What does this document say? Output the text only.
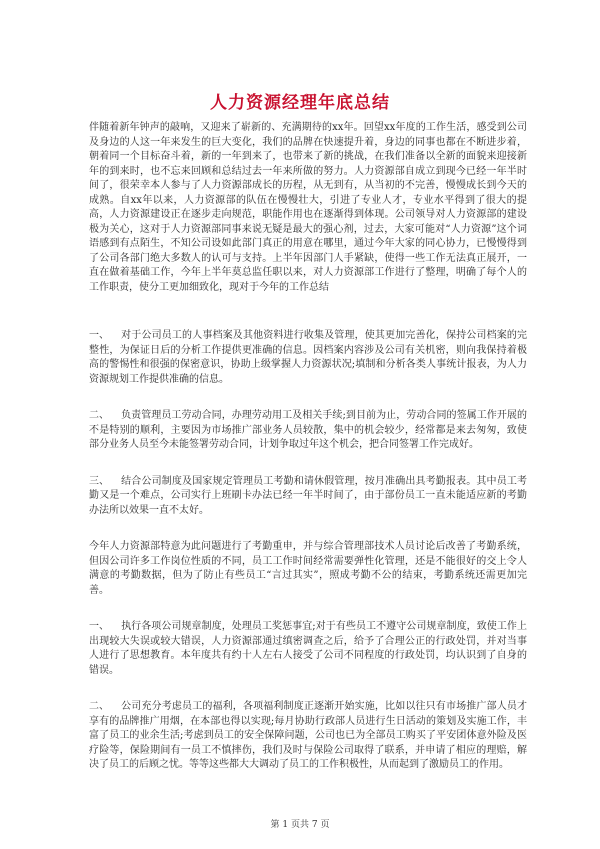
人力资源经理年底总结

伴随着新年钟声的敲响，又迎来了崭新的、充满期待的xx年。回望xx年度的工作生活，感受到公司及身边的人这一年来发生的巨大变化，我们的品牌在快速提升着，身边的同事也都在不断进步着，朝着同一个目标奋斗着，新的一年到来了，也带来了新的挑战，在我们准备以全新的面貌来迎接新年的到来时，也不忘来回顾和总结过去一年来所做的努力。人力资源部自成立到现今已经一年半时间了，很荣幸本人参与了人力资源部成长的历程，从无到有，从当初的不完善，慢慢成长到今天的成熟。自xx年以来，人力资源部的队伍在慢慢壮大，引进了专业人才，专业水平得到了很大的提高，人力资源建设正在逐步走向规范，职能作用也在逐渐得到体现。公司领导对人力资源部的建设极为关心，这对于人力资源部同事来说无疑是最大的强心剂，过去，大家可能对“人力资源”这个词语感到有点陌生，不知公司设如此部门真正的用意在哪里，通过今年大家的同心协力，已慢慢得到了公司各部门绝大多数人的认可与支持。上半年因部门人手紧缺，使得一些工作无法真正展开，一直在做着基础工作，今年上半年莫总监任职以来，对人力资源部工作进行了整理，明确了每个人的工作职责，使分工更加细致化，现对于今年的工作总结

一、 对于公司员工的人事档案及其他资料进行收集及管理，使其更加完善化，保持公司档案的完整性，为保证日后的分析工作提供更准确的信息。因档案内容涉及公司有关机密，则向我保持着极高的警惕性和很强的保密意识，协助上级掌握人力资源状况;填制和分析各类人事统计报表，为人力资源规划工作提供准确的信息。

二、 负责管理员工劳动合同，办理劳动用工及相关手续;到目前为止，劳动合同的签属工作开展的不是特别的顺利，主要因为市场推广部业务人员较散，集中的机会较少，经常都是来去匆匆，致使部分业务人员至今未能签署劳动合同，计划争取过年这个机会，把合同签署工作完成好。

三、 结合公司制度及国家规定管理员工考勤和请休假管理，按月准确出具考勤报表。其中员工考勤又是一个难点，公司实行上班刷卡办法已经一年半时间了，由于部份员工一直未能适应新的考勤办法所以效果一直不太好。

今年人力资源部特意为此问题进行了考勤重申，并与综合管理部技术人员讨论后改善了考勤系统，但因公司许多工作岗位性质的不同，员工工作时间经常需要弹性化管理，还是不能很好的交上令人满意的考勤数据，但为了防止有些员工“言过其实”，照成考勤不公的结束，考勤系统还需更加完善。

一、 执行各项公司规章制度，处理员工奖惩事宜;对于有些员工不遵守公司规章制度，致使工作上出现较大失误或较大错误，人力资源部通过缜密调查之后，给予了合理公正的行政处罚，并对当事人进行了思想教育。本年度共有约十人左右人接受了公司不同程度的行政处罚，均认识到了自身的错误。

二、 公司充分考虑员工的福利，各项福利制度正逐渐开始实施，比如以往只有市场推广部人员才享有的品牌推广用烟，在本部也得以实现;每月协助行政部人员进行生日活动的策划及实施工作，丰富了员工的业余生活;考虑到员工的安全保障问题，公司也已为全部员工购买了平安团体意外险及医疗险等，保险期间有一员工不慎摔伤，我们及时与保险公司取得了联系，并申请了相应的理赔，解决了员工的后顾之忧。等等这些都大大调动了员工的工作积极性，从而起到了激励员工的作用。

第 1 页共 7 页
